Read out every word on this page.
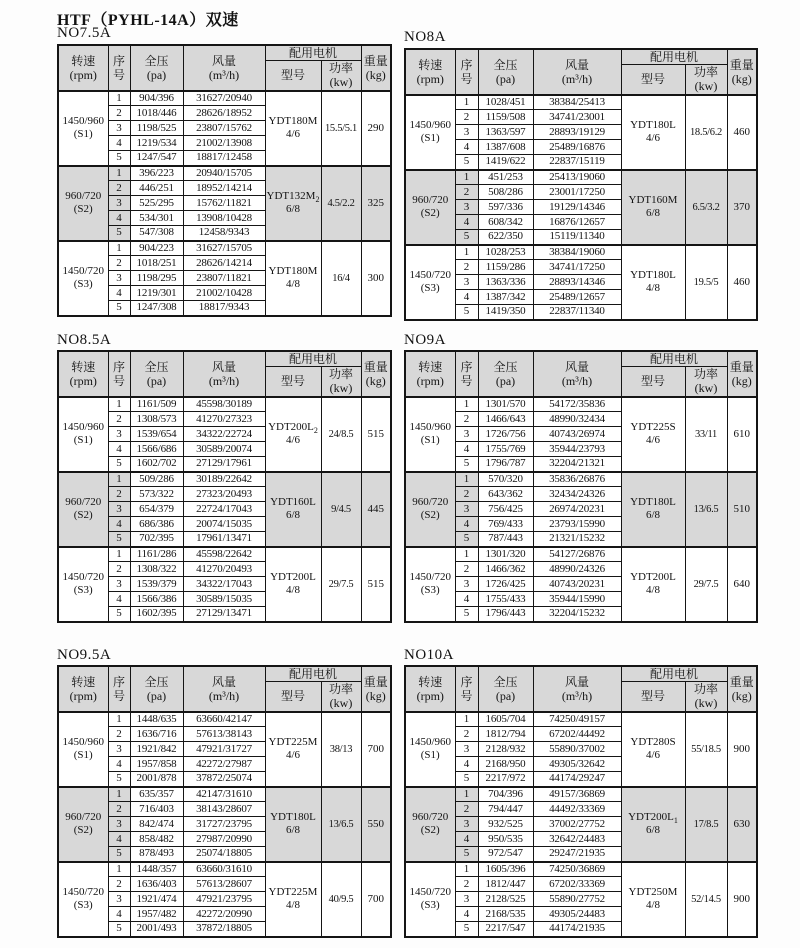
HTF（PYHL-14A）双速
NO7.5A	NO8A
NO8.5A	NO9A
NO9.5A	NO10A
转速
(rpm)	序
号	全压
(pa)	风量
(m³/h)	配用电机		重量
(kg)
				型号	功率
(kw)	
1450/960
(S1)	1	904/396	31627/20940	YDT180M
4/6	15.5/5.1	290
	2	1018/446	28626/18952			
	3	1198/525	23807/15762			
	4	1219/534	21002/13908			
	5	1247/547	18817/12458			
960/720
(S2)	1	396/223	20940/15705	$YDT132M_2$
6/8	4.5/2.2	325
	2	446/251	18952/14214			
	3	525/295	15762/11821			
	4	534/301	13908/10428			
	5	547/308	12458/9343			
1450/720
(S3)	1	904/223	31627/15705	YDT180M
4/8	16/4	300
	2	1018/251	28626/14214			
	3	1198/295	23807/11821			
	4	1219/301	21002/10428			
	5	1247/308	18817/9343			
转速
(rpm)	序
号	全压
(pa)	风量
(m³/h)	配用电机		重量
(kg)
				型号	功率
(kw)	
1450/960
(S1)	1	1028/451	38384/25413	YDT180L
4/6	18.5/6.2	460
	2	1159/508	34741/23001			
	3	1363/597	28893/19129			
	4	1387/608	25489/16876			
	5	1419/622	22837/15119			
960/720
(S2)	1	451/253	25413/19060	YDT160M
6/8	6.5/3.2	370
	2	508/286	23001/17250			
	3	597/336	19129/14346			
	4	608/342	16876/12657			
	5	622/350	15119/11340			
1450/720
(S3)	1	1028/253	38384/19060	YDT180L
4/8	19.5/5	460
	2	1159/286	34741/17250			
	3	1363/336	28893/14346			
	4	1387/342	25489/12657			
	5	1419/350	22837/11340			
转速
(rpm)	序
号	全压
(pa)	风量
(m³/h)	配用电机		重量
(kg)
				型号	功率
(kw)	
1450/960
(S1)	1	1161/509	45598/30189	$YDT200L_2$
4/6	24/8.5	515
	2	1308/573	41270/27323			
	3	1539/654	34322/22724			
	4	1566/686	30589/20074			
	5	1602/702	27129/17961			
960/720
(S2)	1	509/286	30189/22642	YDT160L
6/8	9/4.5	445
	2	573/322	27323/20493			
	3	654/379	22724/17043			
	4	686/386	20074/15035			
	5	702/395	17961/13471			
1450/720
(S3)	1	1161/286	45598/22642	YDT200L
4/8	29/7.5	515
	2	1308/322	41270/20493			
	3	1539/379	34322/17043			
	4	1566/386	30589/15035			
	5	1602/395	27129/13471			
转速
(rpm)	序
号	全压
(pa)	风量
(m³/h)	配用电机		重量
(kg)
				型号	功率
(kw)	
1450/960
(S1)	1	1301/570	54172/35836	YDT225S
4/6	33/11	610
	2	1466/643	48990/32434			
	3	1726/756	40743/26974			
	4	1755/769	35944/23793			
	5	1796/787	32204/21321			
960/720
(S2)	1	570/320	35836/26876	YDT180L
6/8	13/6.5	510
	2	643/362	32434/24326			
	3	756/425	26974/20231			
	4	769/433	23793/15990			
	5	787/443	21321/15232			
1450/720
(S3)	1	1301/320	54127/26876	YDT200L
4/8	29/7.5	640
	2	1466/362	48990/24326			
	3	1726/425	40743/20231			
	4	1755/433	35944/15990			
	5	1796/443	32204/15232			
转速
(rpm)	序
号	全压
(pa)	风量
(m³/h)	配用电机		重量
(kg)
				型号	功率
(kw)	
1450/960
(S1)	1	1448/635	63660/42147	YDT225M
4/6	38/13	700
	2	1636/716	57613/38143			
	3	1921/842	47921/31727			
	4	1957/858	42272/27987			
	5	2001/878	37872/25074			
960/720
(S2)	1	635/357	42147/31610	YDT180L
6/8	13/6.5	550
	2	716/403	38143/28607			
	3	842/474	31727/23795			
	4	858/482	27987/20990			
	5	878/493	25074/18805			
1450/720
(S3)	1	1448/357	63660/31610	YDT225M
4/8	40/9.5	700
	2	1636/403	57613/28607			
	3	1921/474	47921/23795			
	4	1957/482	42272/20990			
	5	2001/493	37872/18805			
转速
(rpm)	序
号	全压
(pa)	风量
(m³/h)	配用电机		重量
(kg)
				型号	功率
(kw)	
1450/960
(S1)	1	1605/704	74250/49157	YDT280S
4/6	55/18.5	900
	2	1812/794	67202/44492			
	3	2128/932	55890/37002			
	4	2168/950	49305/32642			
	5	2217/972	44174/29247			
960/720
(S2)	1	704/396	49157/36869	$YDT200L_1$
6/8	17/8.5	630
	2	794/447	44492/33369			
	3	932/525	37002/27752			
	4	950/535	32642/24483			
	5	972/547	29247/21935			
1450/720
(S3)	1	1605/396	74250/36869	YDT250M
4/8	52/14.5	900
	2	1812/447	67202/33369			
	3	2128/525	55890/27752			
	4	2168/535	49305/24483			
	5	2217/547	44174/21935			
